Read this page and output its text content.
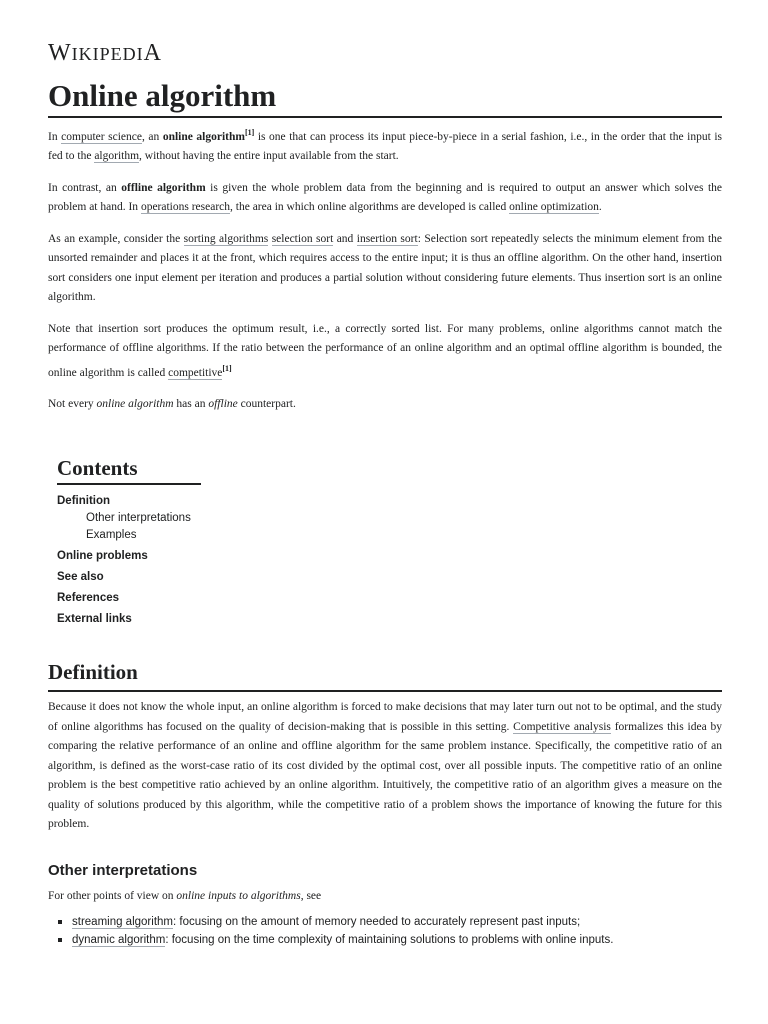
WIKIPEDIA
Online algorithm

In computer science, an online algorithm[1] is one that can process its input piece-by-piece in a serial fashion, i.e., in the order that the input is fed to the algorithm, without having the entire input available from the start.

In contrast, an offline algorithm is given the whole problem data from the beginning and is required to output an answer which solves the problem at hand. In operations research, the area in which online algorithms are developed is called online optimization.

As an example, consider the sorting algorithms selection sort and insertion sort: Selection sort repeatedly selects the minimum element from the unsorted remainder and places it at the front, which requires access to the entire input; it is thus an offline algorithm. On the other hand, insertion sort considers one input element per iteration and produces a partial solution without considering future elements. Thus insertion sort is an online algorithm.

Note that insertion sort produces the optimum result, i.e., a correctly sorted list. For many problems, online algorithms cannot match the performance of offline algorithms. If the ratio between the performance of an online algorithm and an optimal offline algorithm is bounded, the online algorithm is called competitive[1]

Not every online algorithm has an offline counterpart.

Contents
Definition
Other interpretations
Examples
Online problems
See also
References
External links
Definition

Because it does not know the whole input, an online algorithm is forced to make decisions that may later turn out not to be optimal, and the study of online algorithms has focused on the quality of decision-making that is possible in this setting. Competitive analysis formalizes this idea by comparing the relative performance of an online and offline algorithm for the same problem instance. Specifically, the competitive ratio of an algorithm, is defined as the worst-case ratio of its cost divided by the optimal cost, over all possible inputs. The competitive ratio of an online problem is the best competitive ratio achieved by an online algorithm. Intuitively, the competitive ratio of an algorithm gives a measure on the quality of solutions produced by this algorithm, while the competitive ratio of a problem shows the importance of knowing the future for this problem.

Other interpretations

For other points of view on online inputs to algorithms, see

streaming algorithm: focusing on the amount of memory needed to accurately represent past inputs;
dynamic algorithm: focusing on the time complexity of maintaining solutions to problems with online inputs.
